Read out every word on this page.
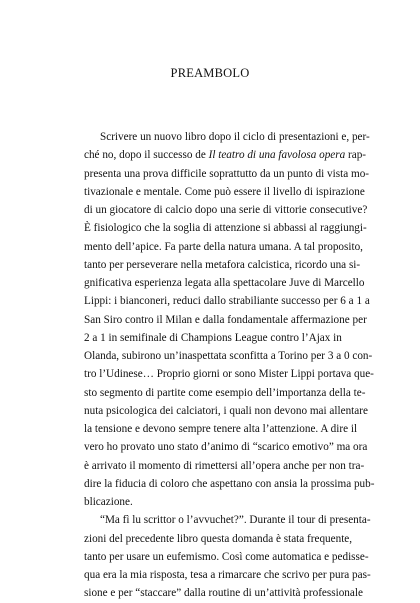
PREAMBOLO
Scrivere un nuovo libro dopo il ciclo di presentazioni e, per-
ché no, dopo il successo de Il teatro di una favolosa opera rap-
presenta una prova difficile soprattutto da un punto di vista mo-
tivazionale e mentale. Come può essere il livello di ispirazione
di un giocatore di calcio dopo una serie di vittorie consecutive?
È fisiologico che la soglia di attenzione si abbassi al raggiungi-
mento dell’apice. Fa parte della natura umana. A tal proposito,
tanto per perseverare nella metafora calcistica, ricordo una si-
gnificativa esperienza legata alla spettacolare Juve di Marcello
Lippi: i bianconeri, reduci dallo strabiliante successo per 6 a 1 a
San Siro contro il Milan e dalla fondamentale affermazione per
2 a 1 in semifinale di Champions League contro l’Ajax in
Olanda, subirono un’inaspettata sconfitta a Torino per 3 a 0 con-
tro l’Udinese… Proprio giorni or sono Mister Lippi portava que-
sto segmento di partite come esempio dell’importanza della te-
nuta psicologica dei calciatori, i quali non devono mai allentare
la tensione e devono sempre tenere alta l’attenzione. A dire il
vero ho provato uno stato d’animo di “scarico emotivo” ma ora
è arrivato il momento di rimettersi all’opera anche per non tra-
dire la fiducia di coloro che aspettano con ansia la prossima pub-
blicazione.
“Ma fì lu scrittor o l’avvuchet?”. Durante il tour di presenta-
zioni del precedente libro questa domanda è stata frequente,
tanto per usare un eufemismo. Così come automatica e pedisse-
qua era la mia risposta, tesa a rimarcare che scrivo per pura pas-
sione e per “staccare” dalla routine di un’attività professionale
